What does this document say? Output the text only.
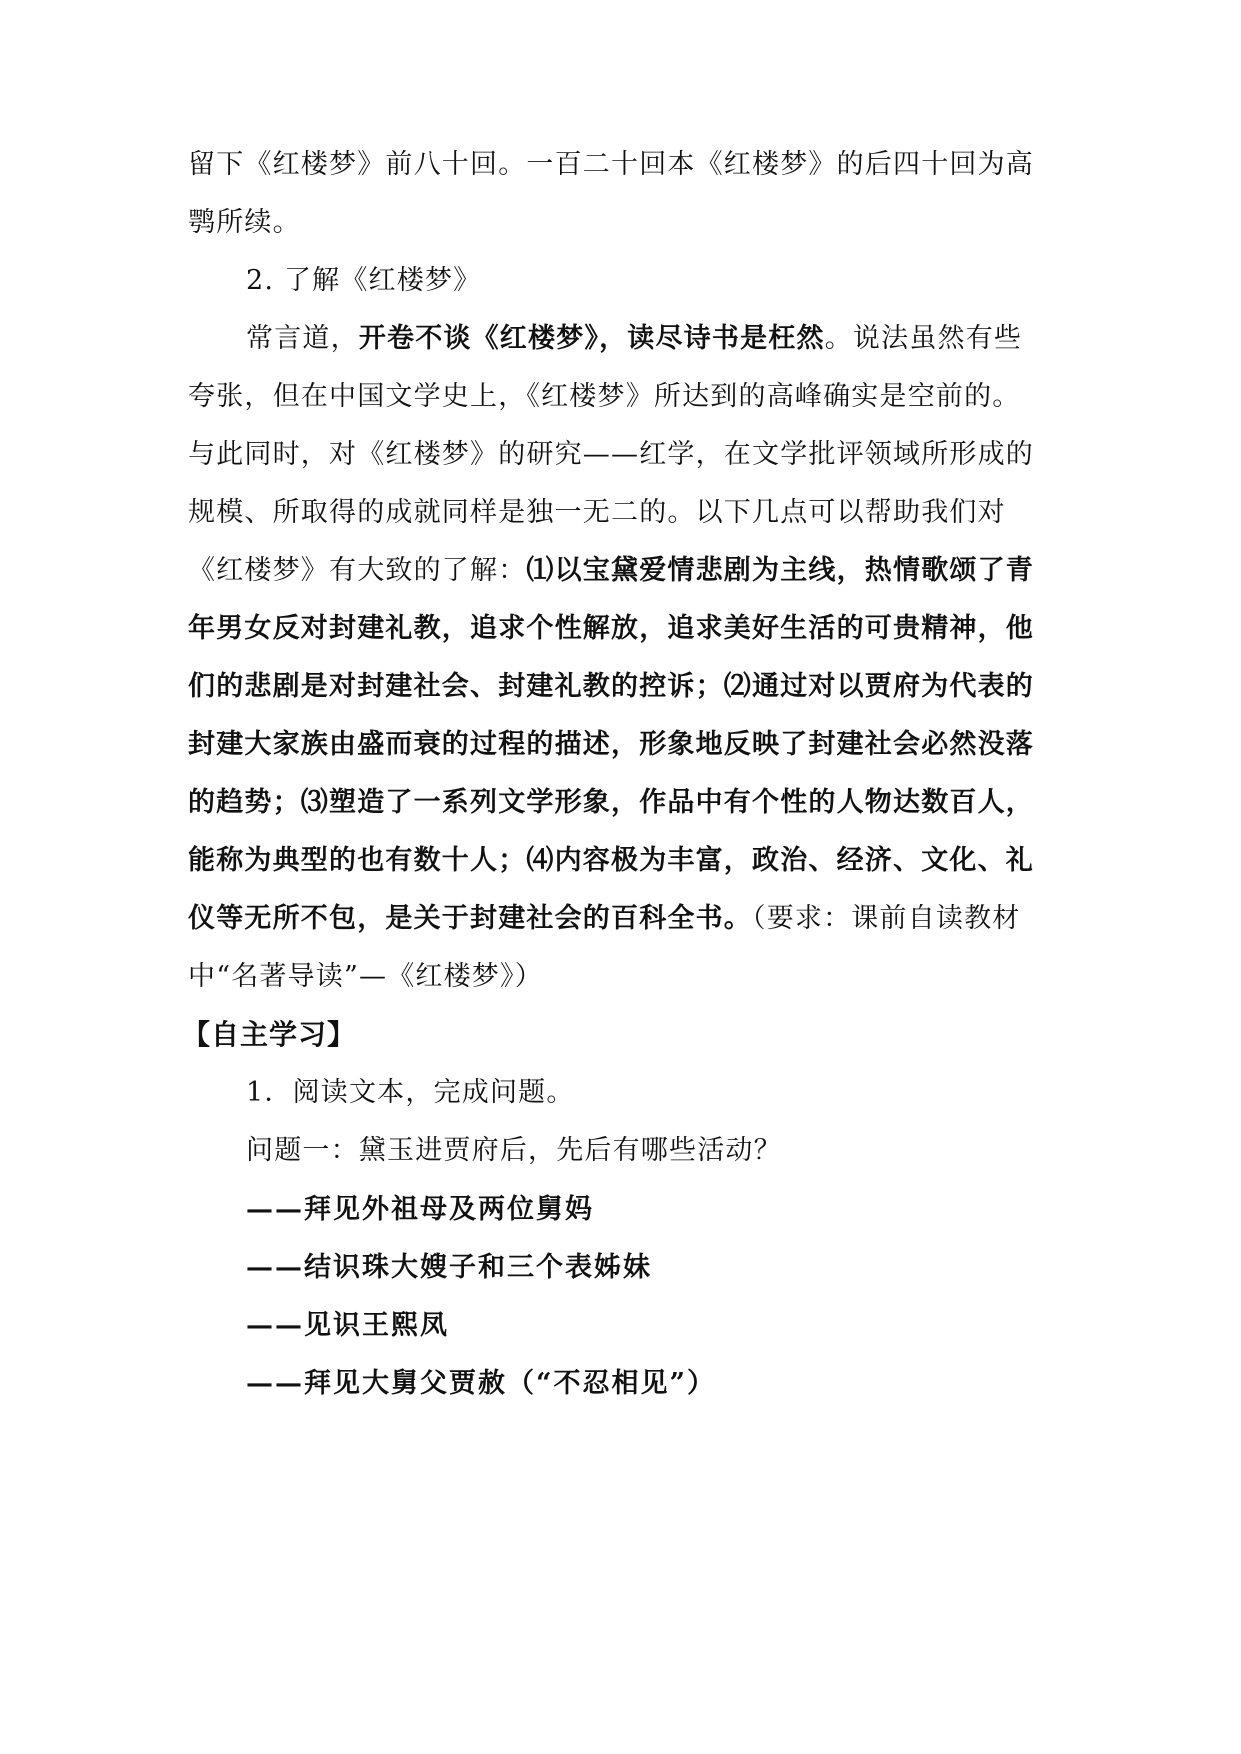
留下《红楼梦》前八十回。一百二十回本《红楼梦》的后四十回为高
鹗所续。
2. 了解《红楼梦》
常言道，开卷不谈《红楼梦》，读尽诗书是枉然。说法虽然有些
夸张，但在中国文学史上，《红楼梦》所达到的高峰确实是空前的。
与此同时，对《红楼梦》的研究——红学，在文学批评领域所形成的
规模、所取得的成就同样是独一无二的。以下几点可以帮助我们对
《红楼梦》有大致的了解：⑴以宝黛爱情悲剧为主线，热情歌颂了青
年男女反对封建礼教，追求个性解放，追求美好生活的可贵精神，他
们的悲剧是对封建社会、封建礼教的控诉；⑵通过对以贾府为代表的
封建大家族由盛而衰的过程的描述，形象地反映了封建社会必然没落
的趋势；⑶塑造了一系列文学形象，作品中有个性的人物达数百人，
能称为典型的也有数十人；⑷内容极为丰富，政治、经济、文化、礼
仪等无所不包，是关于封建社会的百科全书。（要求：课前自读教材
中“名著导读”—《红楼梦》）
【自主学习】
1．阅读文本，完成问题。
问题一：黛玉进贾府后，先后有哪些活动？
——拜见外祖母及两位舅妈
——结识珠大嫂子和三个表姊妹
——见识王熙凤
——拜见大舅父贾赦（“不忍相见”）
